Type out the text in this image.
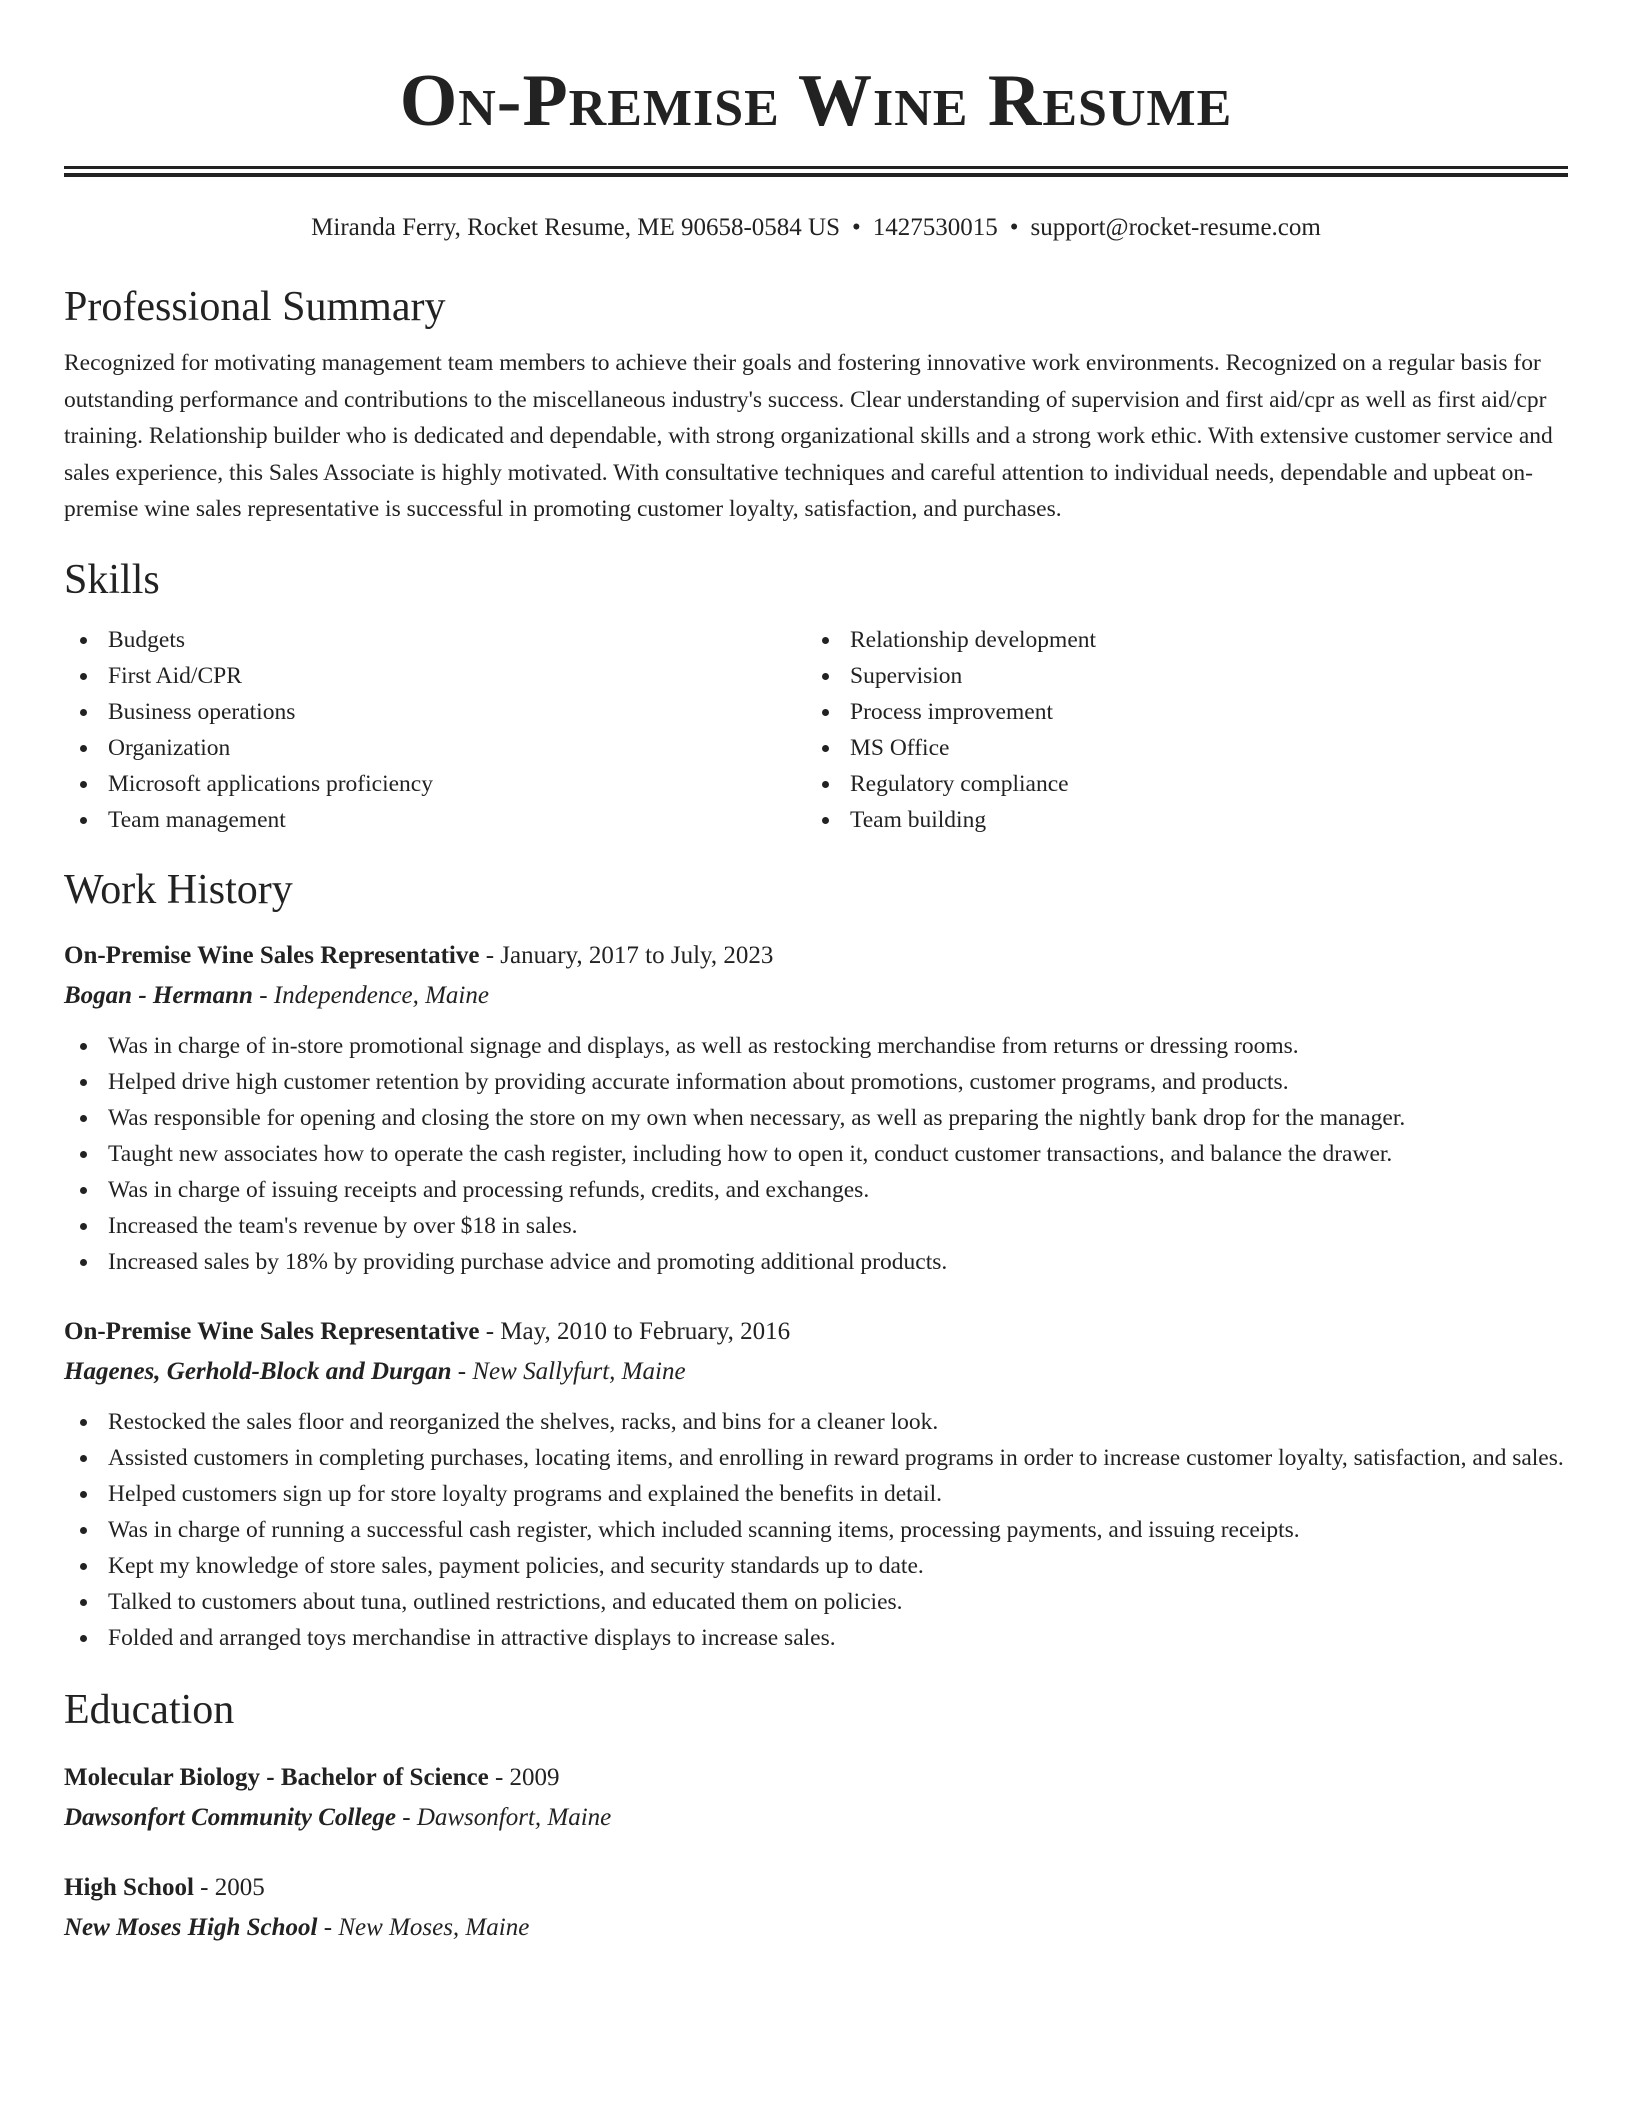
On-Premise Wine Resume
Miranda Ferry, Rocket Resume, ME 90658-0584 US • 1427530015 • support@rocket-resume.com
Professional Summary

Recognized for motivating management team members to achieve their goals and fostering innovative work environments. Recognized on a regular basis for outstanding performance and contributions to the miscellaneous industry's success. Clear understanding of supervision and first aid/cpr as well as first aid/cpr training. Relationship builder who is dedicated and dependable, with strong organizational skills and a strong work ethic. With extensive customer service and sales experience, this Sales Associate is highly motivated. With consultative techniques and careful attention to individual needs, dependable and upbeat on-premise wine sales representative is successful in promoting customer loyalty, satisfaction, and purchases.

Skills
Budgets
First Aid/CPR
Business operations
Organization
Microsoft applications proficiency
Team management
Relationship development
Supervision
Process improvement
MS Office
Regulatory compliance
Team building
Work History

On-Premise Wine Sales Representative - January, 2017 to July, 2023

Bogan - Hermann - Independence, Maine

Was in charge of in-store promotional signage and displays, as well as restocking merchandise from returns or dressing rooms.
Helped drive high customer retention by providing accurate information about promotions, customer programs, and products.
Was responsible for opening and closing the store on my own when necessary, as well as preparing the nightly bank drop for the manager.
Taught new associates how to operate the cash register, including how to open it, conduct customer transactions, and balance the drawer.
Was in charge of issuing receipts and processing refunds, credits, and exchanges.
Increased the team's revenue by over $18 in sales.
Increased sales by 18% by providing purchase advice and promoting additional products.

On-Premise Wine Sales Representative - May, 2010 to February, 2016

Hagenes, Gerhold-Block and Durgan - New Sallyfurt, Maine

Restocked the sales floor and reorganized the shelves, racks, and bins for a cleaner look.
Assisted customers in completing purchases, locating items, and enrolling in reward programs in order to increase customer loyalty, satisfaction, and sales.
Helped customers sign up for store loyalty programs and explained the benefits in detail.
Was in charge of running a successful cash register, which included scanning items, processing payments, and issuing receipts.
Kept my knowledge of store sales, payment policies, and security standards up to date.
Talked to customers about tuna, outlined restrictions, and educated them on policies.
Folded and arranged toys merchandise in attractive displays to increase sales.
Education

Molecular Biology - Bachelor of Science - 2009

Dawsonfort Community College - Dawsonfort, Maine

High School - 2005

New Moses High School - New Moses, Maine
